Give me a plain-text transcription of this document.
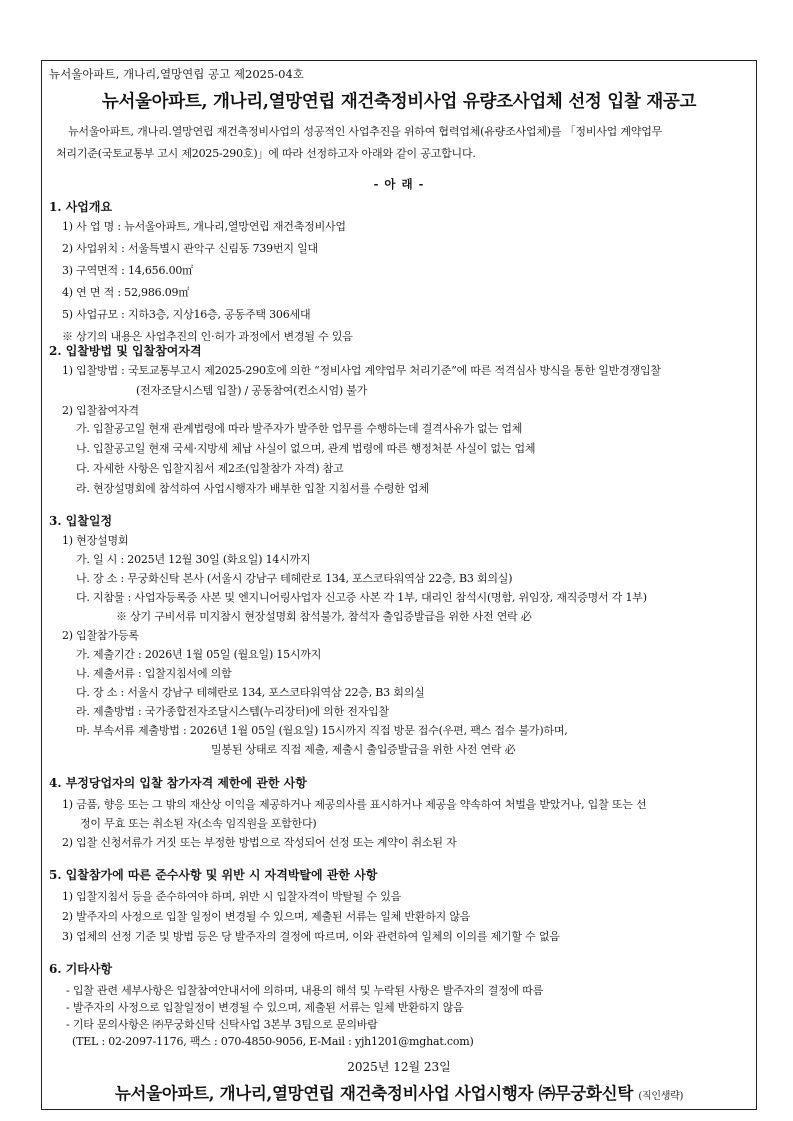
뉴서울아파트, 개나리,열망연립 공고 제2025-04호
뉴서울아파트, 개나리,열망연립 재건축정비사업 유량조사업체 선정 입찰 재공고
뉴서울아파트, 개나리.열망연립 재건축정비사업의 성공적인 사업추진을 위하여 협력업체(유량조사업체)를 「정비사업 계약업무
처리기준(국토교통부 고시 제2025-290호)」에 따라 선정하고자 아래와 같이 공고합니다.
- 아 래 -
1. 사업개요
1) 사 업 명 : 뉴서울아파트, 개나리,열망연립 재건축정비사업
2) 사업위치 : 서울특별시 관악구 신림동 739번지 일대
3) 구역면적 : 14,656.00㎡
4) 연 면 적 : 52,986.09㎡
5) 사업규모 : 지하3층, 지상16층, 공동주택 306세대
※ 상기의 내용은 사업추진의 인·허가 과정에서 변경될 수 있음
2. 입찰방법 및 입찰참여자격
1) 입찰방법 : 국토교통부고시 제2025-290호에 의한 “정비사업 계약업무 처리기준”에 따른 적격심사 방식을 통한 일반경쟁입찰
(전자조달시스템 입찰) / 공동참여(컨소시엄) 불가
2) 입찰참여자격
가. 입찰공고일 현재 관계법령에 따라 발주자가 발주한 업무를 수행하는데 결격사유가 없는 업체
나. 입찰공고일 현재 국세·지방세 체납 사실이 없으며, 관계 법령에 따른 행정처분 사실이 없는 업체
다. 자세한 사항은 입찰지침서 제2조(입찰참가 자격) 참고
라. 현장설명회에 참석하여 사업시행자가 배부한 입찰 지침서를 수령한 업체
3. 입찰일정
1) 현장설명회
가. 일 시 : 2025년 12월 30일 (화요일) 14시까지
나. 장 소 : 무궁화신탁 본사 (서울시 강남구 테헤란로 134, 포스코타워역삼 22층, B3 회의실)
다. 지참물 : 사업자등록증 사본 및 엔지니어링사업자 신고증 사본 각 1부, 대리인 참석시(명함, 위임장, 재직증명서 각 1부)
※ 상기 구비서류 미지참시 현장설명회 참석불가, 참석자 출입증발급을 위한 사전 연락 必
2) 입찰참가등록
가. 제출기간 : 2026년 1월 05일 (월요일) 15시까지
나. 제출서류 : 입찰지침서에 의함
다. 장 소 : 서울시 강남구 테헤란로 134, 포스코타워역삼 22층, B3 회의실
라. 제출방법 : 국가종합전자조달시스템(누리장터)에 의한 전자입찰
마. 부속서류 제출방법 : 2026년 1월 05일 (월요일) 15시까지 직접 방문 접수(우편, 팩스 접수 불가)하며,
밀봉된 상태로 직접 제출, 제출시 출입증발급을 위한 사전 연락 必
4. 부정당업자의 입찰 참가자격 제한에 관한 사항
1) 금품, 향응 또는 그 밖의 재산상 이익을 제공하거나 제공의사를 표시하거나 제공을 약속하여 처벌을 받았거나, 입찰 또는 선
정이 무효 또는 취소된 자(소속 임직원을 포함한다)
2) 입찰 신청서류가 거짓 또는 부정한 방법으로 작성되어 선정 또는 계약이 취소된 자
5. 입찰참가에 따른 준수사항 및 위반 시 자격박탈에 관한 사항
1) 입찰지침서 등을 준수하여야 하며, 위반 시 입찰자격이 박탈될 수 있음
2) 발주자의 사정으로 입찰 일정이 변경될 수 있으며, 제출된 서류는 일체 반환하지 않음
3) 업체의 선정 기준 및 방법 등은 당 발주자의 결정에 따르며, 이와 관련하여 일체의 이의를 제기할 수 없음
6. 기타사항
- 입찰 관련 세부사항은 입찰참여안내서에 의하며, 내용의 해석 및 누락된 사항은 발주자의 결정에 따름
- 발주자의 사정으로 입찰일정이 변경될 수 있으며, 제출된 서류는 일체 반환하지 않음
- 기타 문의사항은 ㈜무궁화신탁 신탁사업 3본부 3팀으로 문의바람
(TEL : 02-2097-1176, 팩스 : 070-4850-9056, E-Mail : yjh1201@mghat.com)
2025년 12월 23일
뉴서울아파트, 개나리,열망연립 재건축정비사업 사업시행자 ㈜무궁화신탁 (직인생략)
